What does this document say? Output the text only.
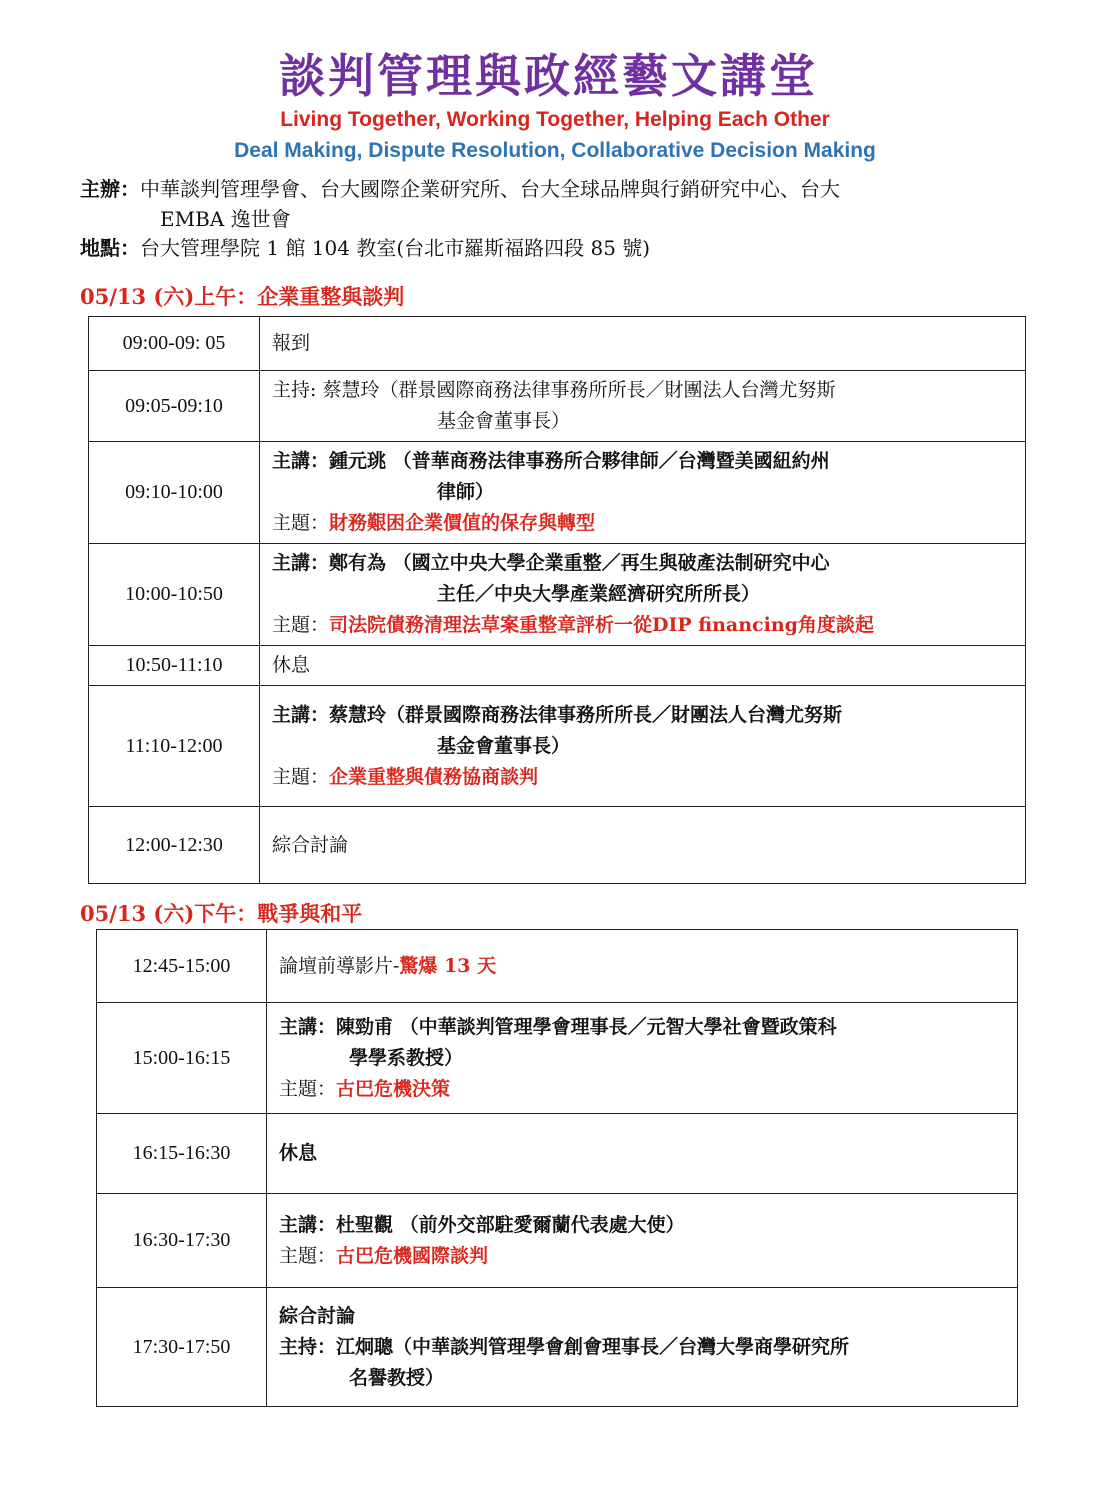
談判管理與政經藝文講堂
Living Together, Working Together, Helping Each Other
Deal Making, Dispute Resolution, Collaborative Decision Making
主辦：中華談判管理學會、台大國際企業研究所、台大全球品牌與行銷研究中心、台大
EMBA 逸世會
地點：台大管理學院 1 館 104 教室(台北市羅斯福路四段 85 號)
05/13 (六)上午：企業重整與談判
09:00-09: 05	報到
09:05-09:10	主持: 蔡慧玲（群景國際商務法律事務所所長／財團法人台灣尤努斯
基金會董事長）

09:10-10:00	主講：鍾元珧 （普華商務法律事務所合夥律師／台灣暨美國紐約州
律師）
主題：財務艱困企業價值的保存與轉型

10:00-10:50	主講：鄭有為 （國立中央大學企業重整／再生與破產法制研究中心
主任／中央大學產業經濟研究所所長）
主題：司法院債務清理法草案重整章評析一從DIP financing角度談起

10:50-11:10	休息
11:10-12:00	主講：蔡慧玲（群景國際商務法律事務所所長／財團法人台灣尤努斯
基金會董事長）
主題：企業重整與債務協商談判

12:00-12:30	綜合討論
05/13 (六)下午：戰爭與和平
12:45-15:00	論壇前導影片-驚爆 13 天
15:00-16:15	主講：陳勁甫 （中華談判管理學會理事長／元智大學社會暨政策科
學學系教授）
主題：古巴危機決策

16:15-16:30	休息
16:30-17:30	主講：杜聖觀 （前外交部駐愛爾蘭代表處大使）
主題：古巴危機國際談判

17:30-17:50	綜合討論
主持：江炯聰（中華談判管理學會創會理事長／台灣大學商學研究所
名譽教授）
